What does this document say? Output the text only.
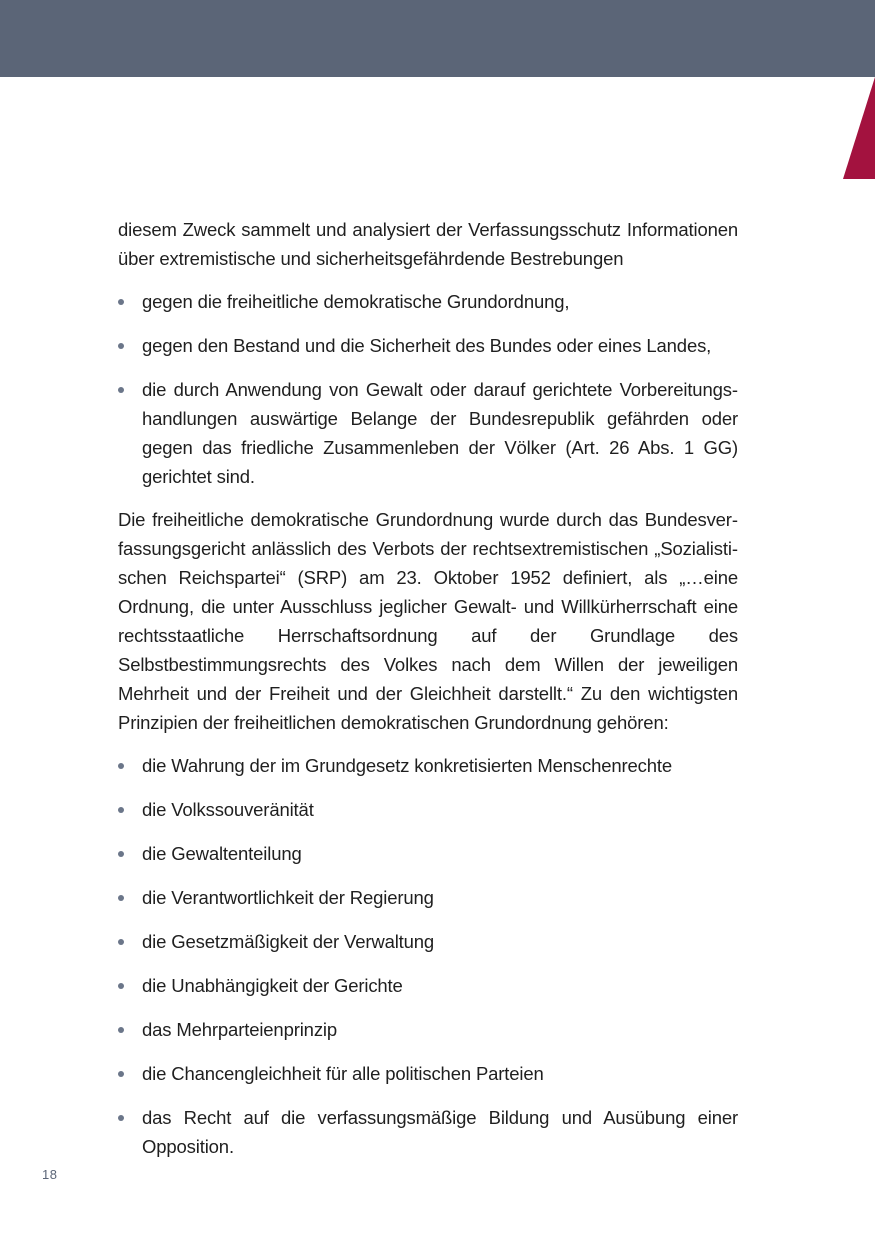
diesem Zweck sammelt und analysiert der Verfassungsschutz Informationen über extremistische und sicherheitsgefährdende Bestrebungen

gegen die freiheitliche demokratische Grundordnung,
gegen den Bestand und die Sicherheit des Bundes oder eines Landes,
die durch Anwendung von Gewalt oder darauf gerichtete Vorbereitungshandlungen auswärtige Belange der Bundesrepublik gefährden oder gegen das friedliche Zusammenleben der Völker (Art. 26 Abs. 1 GG) gerichtet sind.

Die freiheitliche demokratische Grundordnung wurde durch das Bundesverfassungsgericht anlässlich des Verbots der rechtsextremistischen „Sozialistischen Reichspartei“ (SRP) am 23. Oktober 1952 definiert, als „…eine Ordnung, die unter Ausschluss jeglicher Gewalt- und Willkürherrschaft eine rechtsstaatliche Herrschaftsordnung auf der Grundlage des Selbstbestimmungsrechts des Volkes nach dem Willen der jeweiligen Mehrheit und der Freiheit und der Gleichheit darstellt.“ Zu den wichtigsten Prinzipien der freiheitlichen demokratischen Grundordnung gehören:

die Wahrung der im Grundgesetz konkretisierten Menschenrechte
die Volkssouveränität
die Gewaltenteilung
die Verantwortlichkeit der Regierung
die Gesetzmäßigkeit der Verwaltung
die Unabhängigkeit der Gerichte
das Mehrparteienprinzip
die Chancengleichheit für alle politischen Parteien
das Recht auf die verfassungsmäßige Bildung und Ausübung einer Opposition.
18
